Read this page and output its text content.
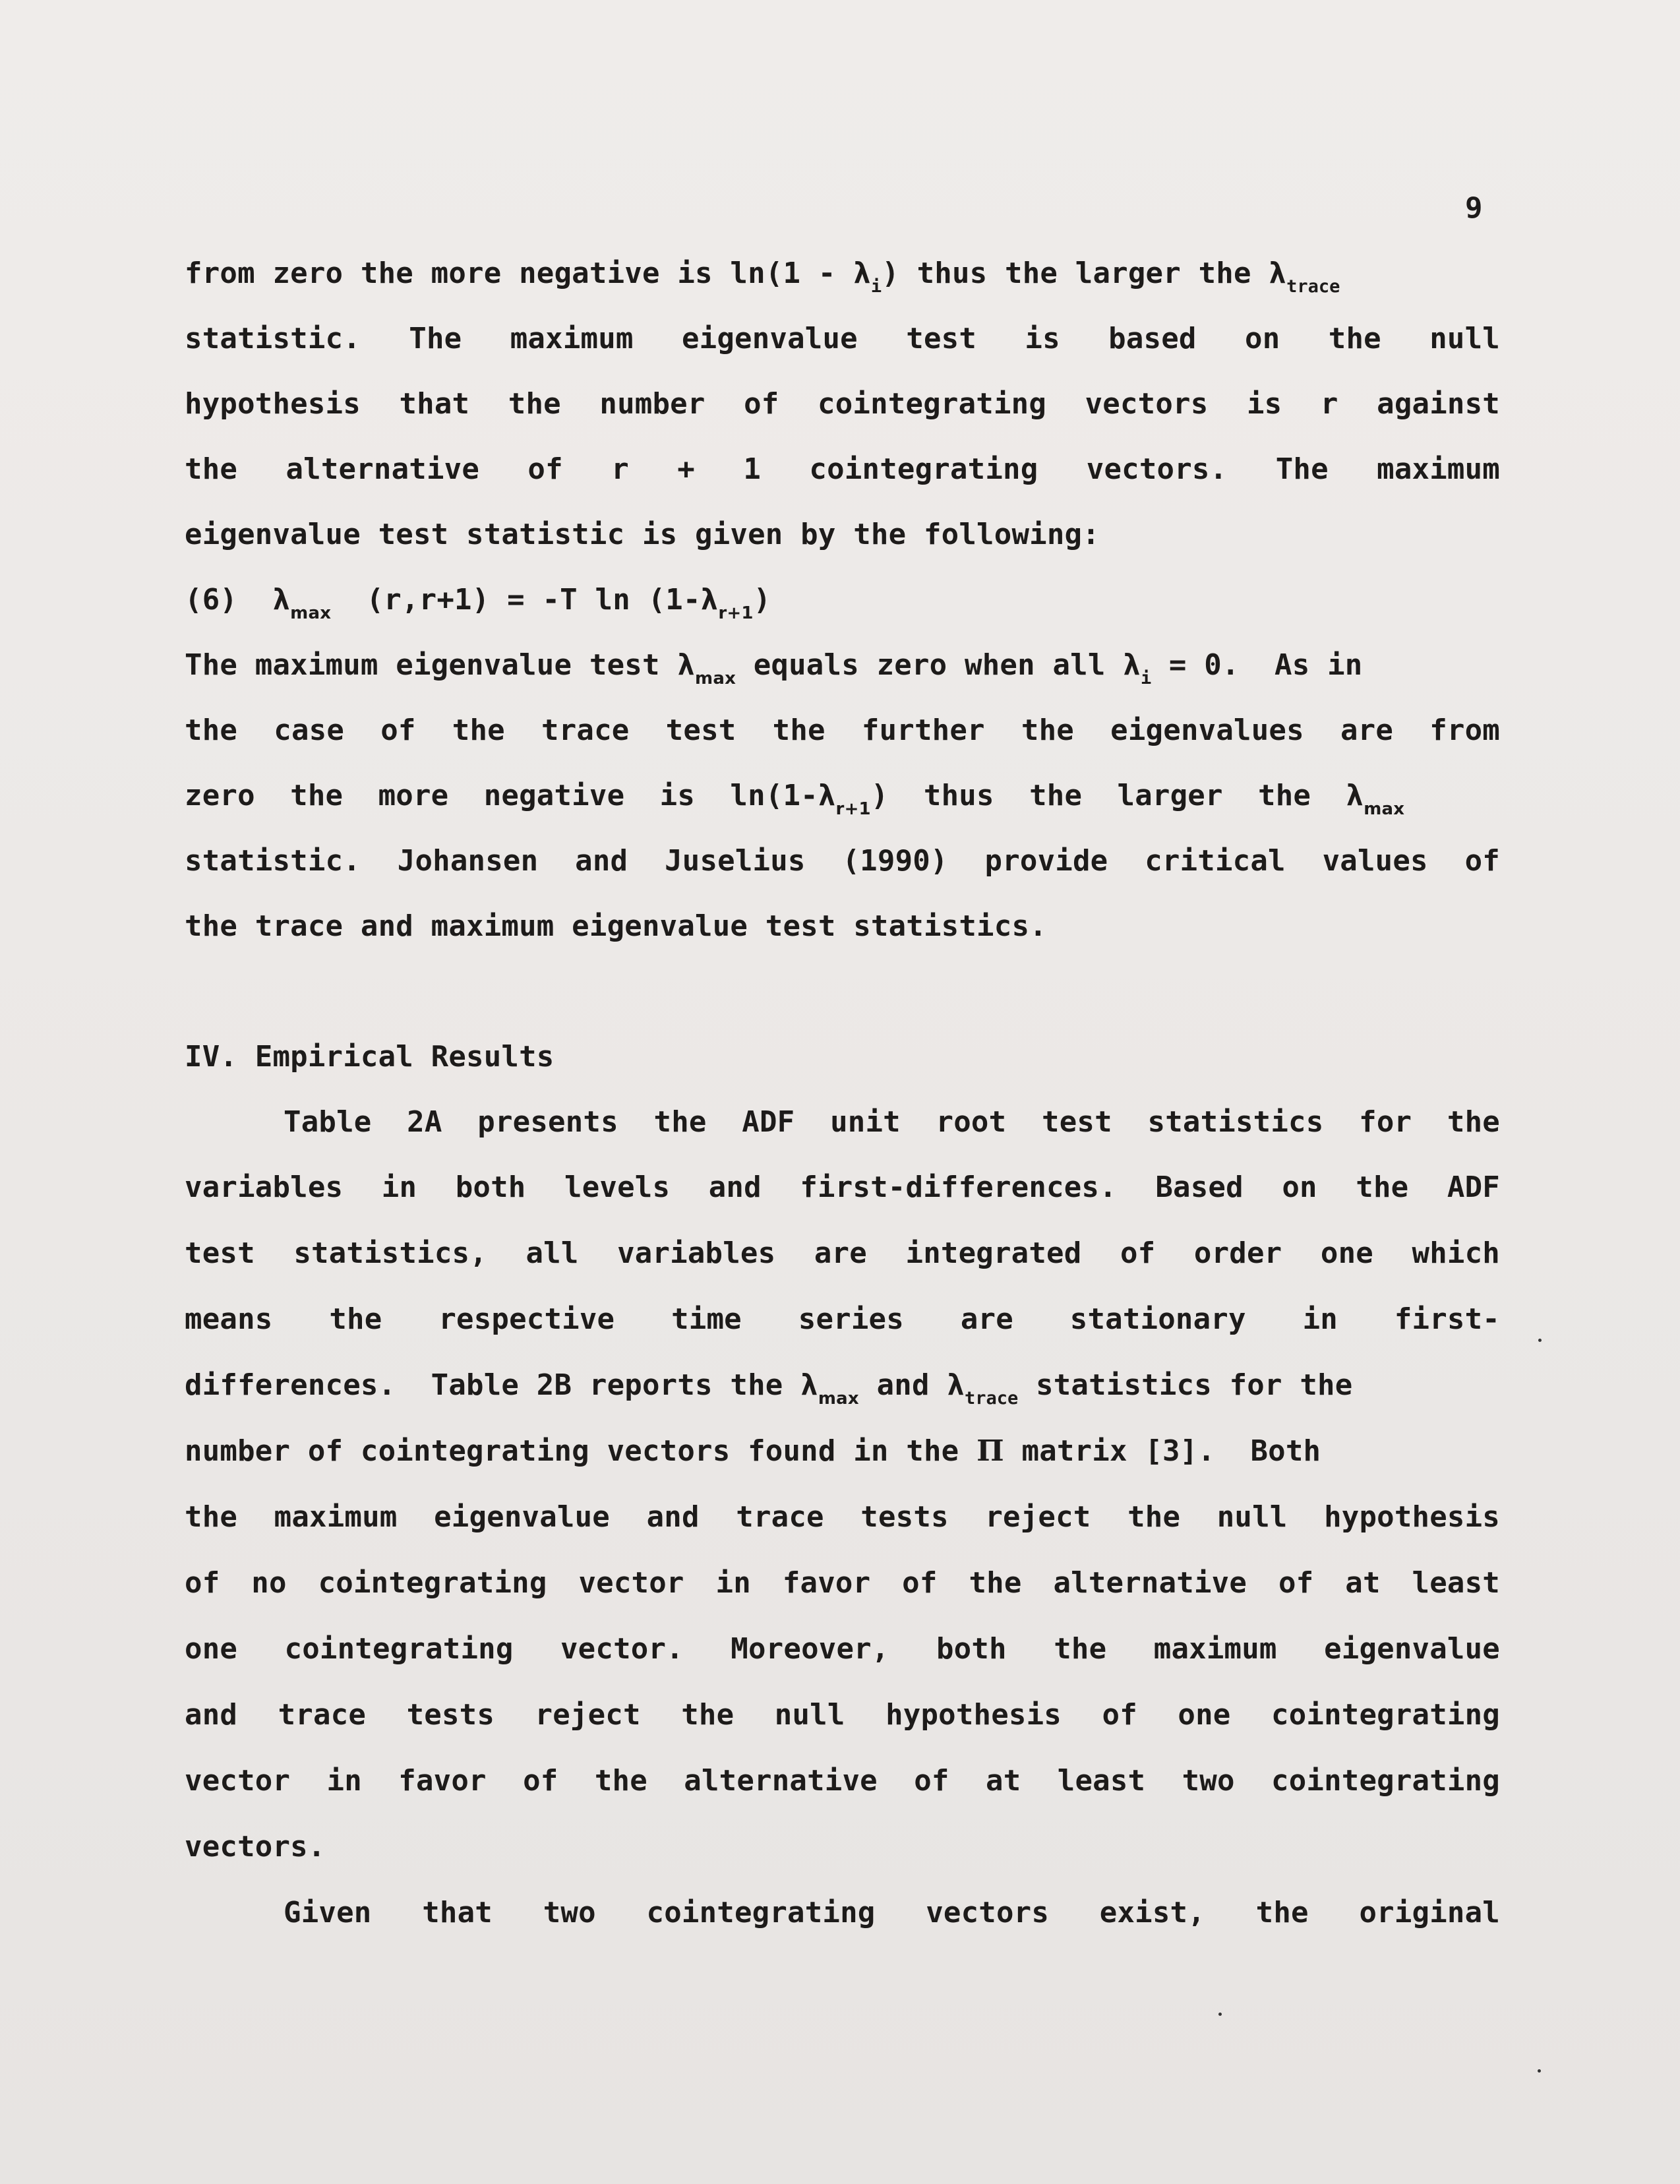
9
from zero the more negative is $\ln(1 - \lambda_i)$ thus the larger the $\lambda_{trace}$
statistic. The maximum eigenvalue test is based on the null
hypothesis that the number of cointegrating vectors is r against
the alternative of r + 1 cointegrating vectors. The maximum
eigenvalue test statistic is given by the following:
(6)  $\lambda_{max}$  (r,r+1) = -T $\ln (1-\lambda_{r+1})$
The maximum eigenvalue test $\lambda_{max}$ equals zero when all $\lambda_i = 0$.  As in
the case of the trace test the further the eigenvalues are from
zero  the  more  negative  is  $\ln(1-\lambda_{r+1})$  thus  the  larger  the  $\lambda_{max}$
statistic. Johansen and Juselius (1990) provide critical values of
the trace and maximum eigenvalue test statistics.
IV. Empirical Results
Table 2A presents the ADF unit root test statistics for the
variables in both levels and first-differences. Based on the ADF
test statistics, all variables are integrated of order one which
means the respective time series are stationary in first-
differences.  Table 2B reports the $\lambda_{max}$ and $\lambda_{trace}$ statistics for the
number of cointegrating vectors found in the Π matrix [3].  Both
the maximum eigenvalue and trace tests reject the null hypothesis
of no cointegrating vector in favor of the alternative of at least
one cointegrating vector. Moreover, both the maximum eigenvalue
and trace tests reject the null hypothesis of one cointegrating
vector in favor of the alternative of at least two cointegrating
vectors.
Given that two cointegrating vectors exist, the original
